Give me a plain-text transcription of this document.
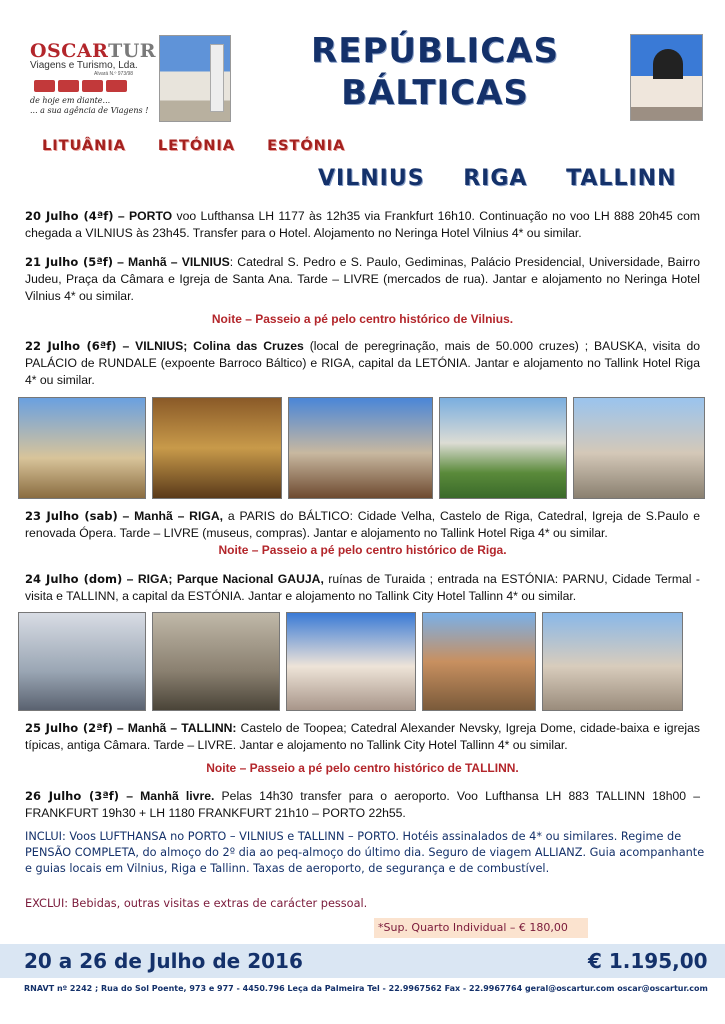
OSCARTUR
Viagens e Turismo, Lda.
Alvará N.º 973/98
de hoje em diante...
... a sua agência de Viagens !
REPÚBLICAS
BÁLTICAS
LITUÂNIA LETÓNIA ESTÓNIA
VILNIUS RIGA TALLINN
20 Julho (4ªf) – PORTO voo Lufthansa LH 1177 às 12h35 via Frankfurt 16h10. Continuação no voo LH 888 20h45 com chegada a VILNIUS às 23h45. Transfer para o Hotel. Alojamento no Neringa Hotel Vilnius 4* ou similar.
21 Julho (5ªf) – Manhã – VILNIUS: Catedral S. Pedro e S. Paulo, Gediminas, Palácio Presidencial, Universidade, Bairro Judeu, Praça da Câmara e Igreja de Santa Ana. Tarde – LIVRE (mercados de rua). Jantar e alojamento no Neringa Hotel Vilnius 4* ou similar.
Noite – Passeio a pé pelo centro histórico de Vilnius.
22 Julho (6ªf) – VILNIUS; Colina das Cruzes (local de peregrinação, mais de 50.000 cruzes) ; BAUSKA, visita do PALÁCIO de RUNDALE (expoente Barroco Báltico) e RIGA, capital da LETÓNIA. Jantar e alojamento no Tallink Hotel Riga 4* ou similar.
23 Julho (sab) – Manhã – RIGA, a PARIS do BÁLTICO: Cidade Velha, Castelo de Riga, Catedral, Igreja de S.Paulo e renovada Ópera. Tarde – LIVRE (museus, compras). Jantar e alojamento no Tallink Hotel Riga 4* ou similar.
Noite – Passeio a pé pelo centro histórico de Riga.
24 Julho (dom) – RIGA; Parque Nacional GAUJA, ruínas de Turaida ; entrada na ESTÓNIA: PARNU, Cidade Termal - visita e TALLINN, a capital da ESTÓNIA. Jantar e alojamento no Tallink City Hotel Tallinn 4* ou similar.
25 Julho (2ªf) – Manhã – TALLINN: Castelo de Toopea; Catedral Alexander Nevsky, Igreja Dome, cidade-baixa e igrejas típicas, antiga Câmara. Tarde – LIVRE. Jantar e alojamento no Tallink City Hotel Tallinn 4* ou similar.
Noite – Passeio a pé pelo centro histórico de TALLINN.
26 Julho (3ªf) – Manhã livre. Pelas 14h30 transfer para o aeroporto. Voo Lufthansa LH 883 TALLINN 18h00 – FRANKFURT 19h30 + LH 1180 FRANKFURT 21h10 – PORTO 22h55.
INCLUI: Voos LUFTHANSA no PORTO – VILNIUS e TALLINN – PORTO. Hotéis assinalados de 4* ou similares. Regime de PENSÃO COMPLETA, do almoço do 2º dia ao peq-almoço do último dia. Seguro de viagem ALLIANZ. Guia acompanhante e guias locais em Vilnius, Riga e Tallinn. Taxas de aeroporto, de segurança e de combustível.
EXCLUI: Bebidas, outras visitas e extras de carácter pessoal.
*Sup. Quarto Individual – € 180,00
20 a 26 de Julho de 2016	€ 1.195,00
RNAVT nº 2242 ; Rua do Sol Poente, 973 e 977 - 4450.796 Leça da Palmeira Tel - 22.9967562 Fax - 22.9967764 geral@oscartur.com oscar@oscartur.com
